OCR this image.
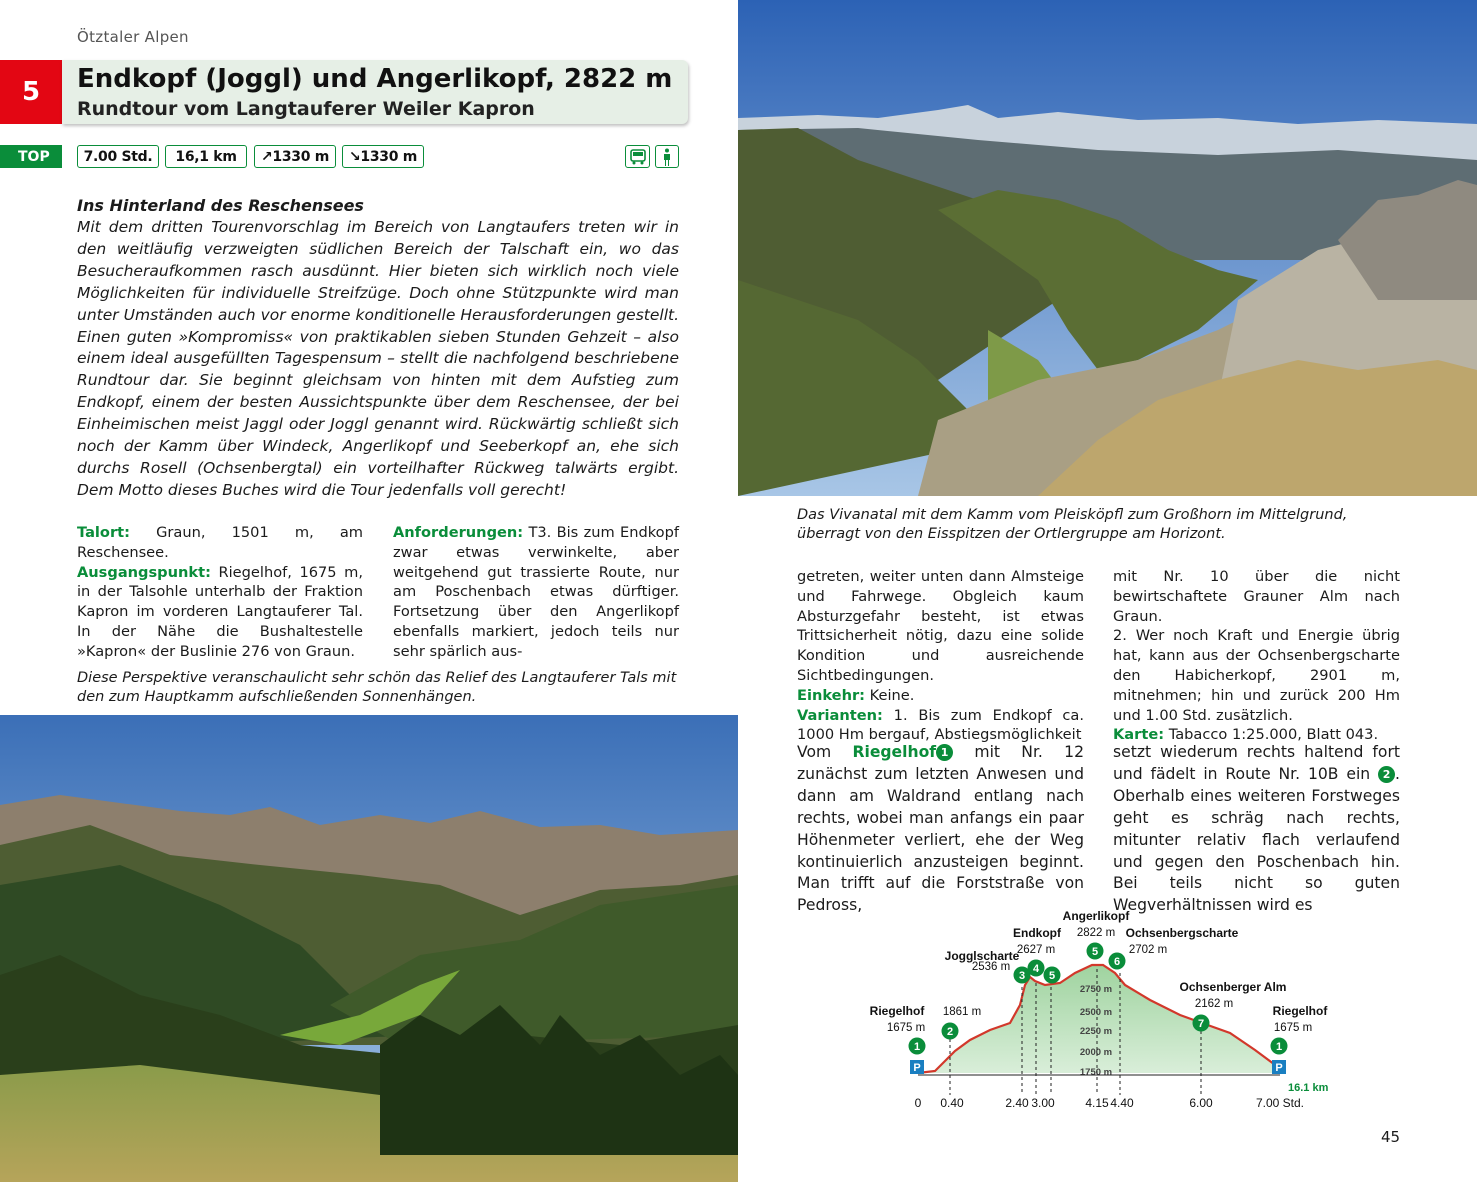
Ötztaler Alpen
5	Endkopf (Joggl) und Angerlikopf, 2822 m
Rundtour vom Langtauferer Weiler Kapron
TOP	7.00 Std.	16,1 km	↗1330 m	↘1330 m
Ins Hinterland des Reschensees
Mit dem dritten Tourenvorschlag im Bereich von Langtaufers treten wir in den weitläufig verzweigten südlichen Bereich der Talschaft ein, wo das Besucheraufkommen rasch ausdünnt. Hier bieten sich wirklich noch viele Möglichkeiten für individuelle Streifzüge. Doch ohne Stützpunkte wird man unter Umständen auch vor enorme konditionelle Herausforderungen gestellt. Einen guten »Kompromiss« von praktikablen sieben Stunden Gehzeit – also einem ideal ausgefüllten Tagespensum – stellt die nachfolgend beschriebene Rundtour dar. Sie beginnt gleichsam von hinten mit dem Aufstieg zum Endkopf, einem der besten Aussichtspunkte über dem Reschensee, der bei Einheimischen meist Jaggl oder Joggl genannt wird. Rückwärtig schließt sich noch der Kamm über Windeck, Angerlikopf und Seeberkopf an, ehe sich durchs Rosell (Ochsenbergtal) ein vorteilhafter Rückweg talwärts ergibt. Dem Motto dieses Buches wird die Tour jedenfalls voll gerecht!
Talort: Graun, 1501 m, am Reschensee.
Ausgangspunkt: Riegelhof, 1675 m, in der Talsohle unterhalb der Fraktion Kapron im vorderen Langtauferer Tal. In der Nähe die Bushaltestelle »Kapron« der Buslinie 276 von Graun.
Anforderungen: T3. Bis zum Endkopf zwar etwas verwinkelte, aber weitgehend gut trassierte Route, nur am Poschenbach etwas dürftiger. Fortsetzung über den Angerlikopf ebenfalls markiert, jedoch teils nur sehr spärlich aus-
Diese Perspektive veranschaulicht sehr schön das Relief des Langtauferer Tals mit den zum Hauptkamm aufschließenden Sonnenhängen.
Das Vivanatal mit dem Kamm vom Pleisköpfl zum Großhorn im Mittelgrund, überragt von den Eisspitzen der Ortlergruppe am Horizont.
getreten, weiter unten dann Almsteige und Fahrwege. Obgleich kaum Absturzgefahr besteht, ist etwas Trittsicherheit nötig, dazu eine solide Kondition und ausreichende Sichtbedingungen.
Einkehr: Keine.
Varianten: 1. Bis zum Endkopf ca. 1000 Hm bergauf, Abstiegsmöglichkeit
mit Nr. 10 über die nicht bewirtschaftete Grauner Alm nach Graun.
2. Wer noch Kraft und Energie übrig hat, kann aus der Ochsenbergscharte den Habicherkopf, 2901 m, mitnehmen; hin und zurück 200 Hm und 1.00 Std. zusätzlich.
Karte: Tabacco 1:25.000, Blatt 043.
Vom Riegelhof 1 mit Nr. 12 zunächst zum letzten Anwesen und dann am Waldrand entlang nach rechts, wobei man anfangs ein paar Höhenmeter verliert, ehe der Weg kontinuierlich anzusteigen beginnt. Man trifft auf die Forststraße von Pedross,
setzt wiederum rechts haltend fort und fädelt in Route Nr. 10B ein 2 . Oberhalb eines weiteren Forstweges geht es schräg nach rechts, mitunter relativ flach verlaufend und gegen den Poschenbach hin. Bei teils nicht so guten Wegverhältnissen wird es
2750 m
2500 m
2250 m
2000 m
1750 m
0 0.40	2.40 3.00	4.15 4.40	6.00	7.00 Std.
16.1 km
P	P
Riegelhof
Jogglscharte
Endkopf
Angerlikopf
Ochsenbergscharte
Ochsenberger Alm
Riegelhof
1675 m
1861 m
2536 m
2627 m
2822 m
2702 m
2162 m
1675 m
1
2
3
4
5
5
6
7
1
45
